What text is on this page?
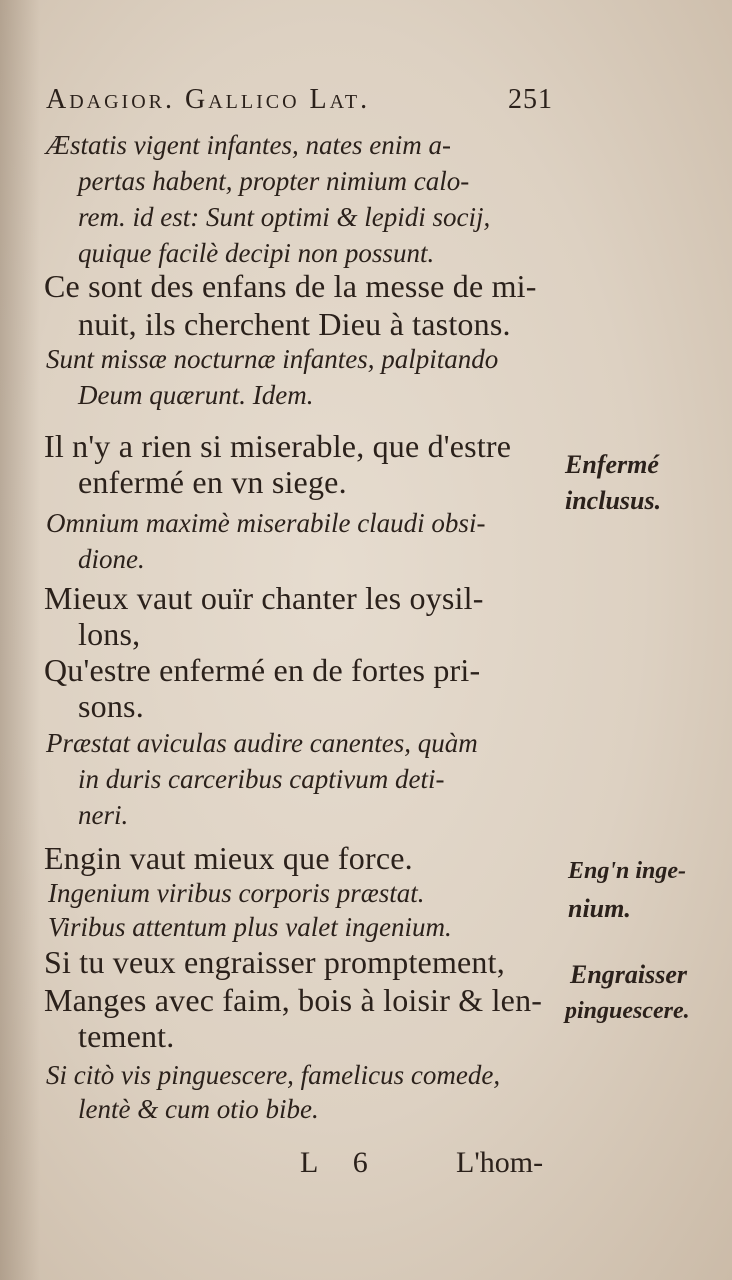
Adagior. Gallico Lat.	251
Æstatis vigent infantes, nates enim a-
pertas habent, propter nimium calo-
rem. id est: Sunt optimi & lepidi socij,
quique facilè decipi non possunt.
Ce sont des enfans de la messe de mi-
nuit, ils cherchent Dieu à tastons.
Sunt missæ nocturnæ infantes, palpitando
Deum quærunt. Idem.
Il n'y a rien si miserable, que d'estre
enfermé en vn siege.
Omnium maximè miserabile claudi obsi-
dione.
Mieux vaut ouïr chanter les oysil-
lons,
Qu'estre enfermé en de fortes pri-
sons.
Præstat aviculas audire canentes, quàm
in duris carceribus captivum deti-
neri.
Engin vaut mieux que force.
Ingenium viribus corporis præstat.
Viribus attentum plus valet ingenium.
Si tu veux engraisser promptement,
Manges avec faim, bois à loisir & len-
tement.
Si citò vis pinguescere, famelicus comede,
lentè & cum otio bibe.
Enfermé
inclusus.
Eng'n inge-
nium.
Engraisser
pinguescere.
L 6 L'hom-
